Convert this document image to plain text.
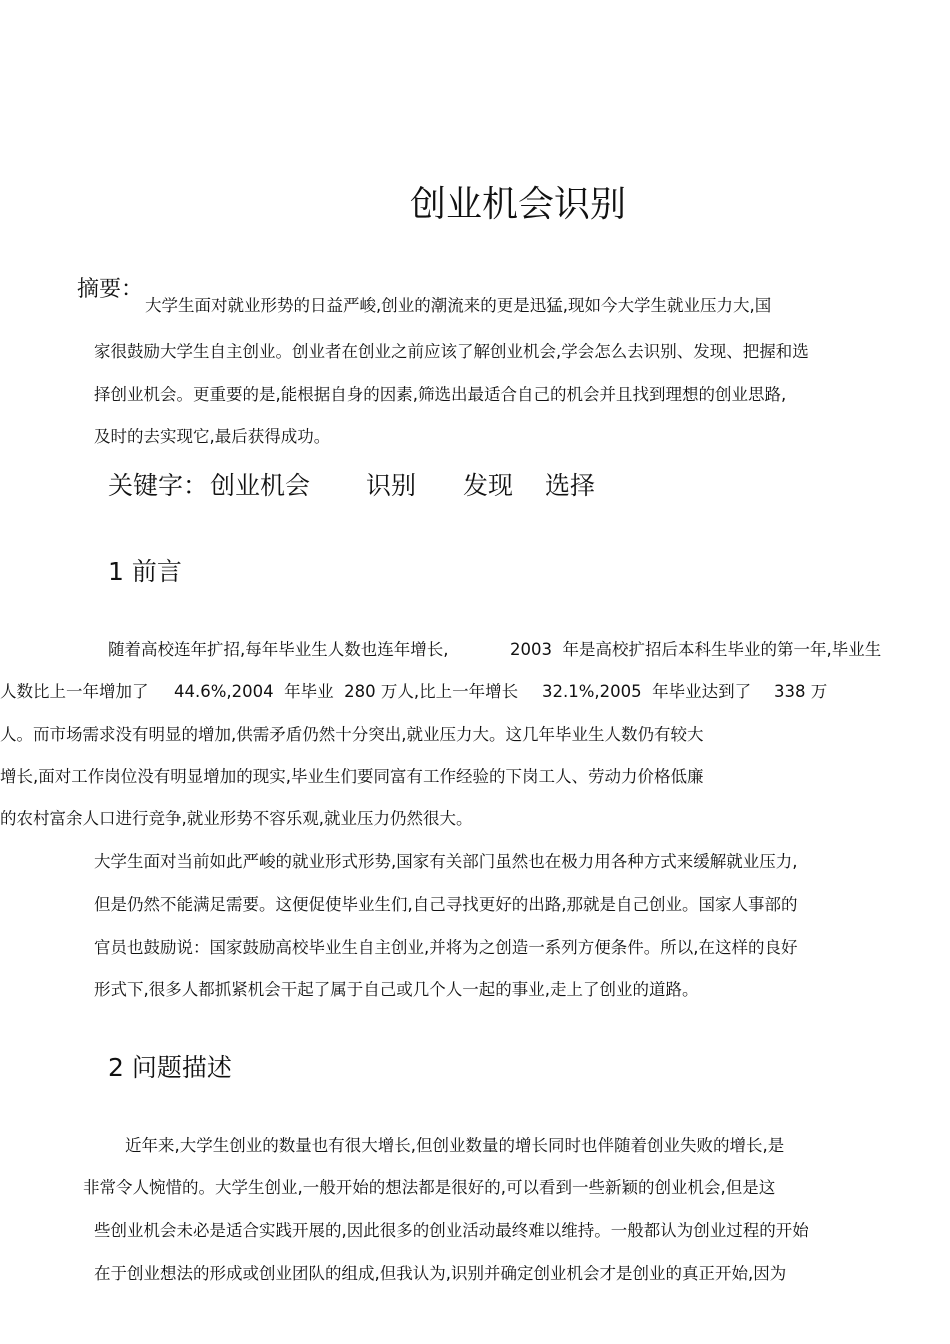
创业机会识别
摘要：
大学生面对就业形势的日益严峻,创业的潮流来的更是迅猛,现如今大学生就业压力大,国
家很鼓励大学生自主创业。创业者在创业之前应该了解创业机会,学会怎么去识别、发现、把握和选
择创业机会。更重要的是,能根据自身的因素,筛选出最适合自己的机会并且找到理想的创业思路,
及时的去实现它,最后获得成功。
关键字： 创业机会 识别 发现 选择
1 前言
随着高校连年扩招,每年毕业生人数也连年增长,	2003  年是高校扩招后本科生毕业的第一年,毕业生
人数比上一年增加了 44.6%,2004  年毕业  280 万人,比上一年增长 32.1%,2005  年毕业达到了 338 万
人。而市场需求没有明显的增加,供需矛盾仍然十分突出,就业压力大。这几年毕业生人数仍有较大
增长,面对工作岗位没有明显增加的现实,毕业生们要同富有工作经验的下岗工人、劳动力价格低廉
的农村富余人口进行竞争,就业形势不容乐观,就业压力仍然很大。
大学生面对当前如此严峻的就业形式形势,国家有关部门虽然也在极力用各种方式来缓解就业压力,
但是仍然不能满足需要。这便促使毕业生们,自己寻找更好的出路,那就是自己创业。国家人事部的
官员也鼓励说：国家鼓励高校毕业生自主创业,并将为之创造一系列方便条件。所以,在这样的良好
形式下,很多人都抓紧机会干起了属于自己或几个人一起的事业,走上了创业的道路。
2 问题描述
近年来,大学生创业的数量也有很大增长,但创业数量的增长同时也伴随着创业失败的增长,是
非常令人惋惜的。大学生创业,一般开始的想法都是很好的,可以看到一些新颖的创业机会,但是这
些创业机会未必是适合实践开展的,因此很多的创业活动最终难以维持。一般都认为创业过程的开始
在于创业想法的形成或创业团队的组成,但我认为,识别并确定创业机会才是创业的真正开始,因为
